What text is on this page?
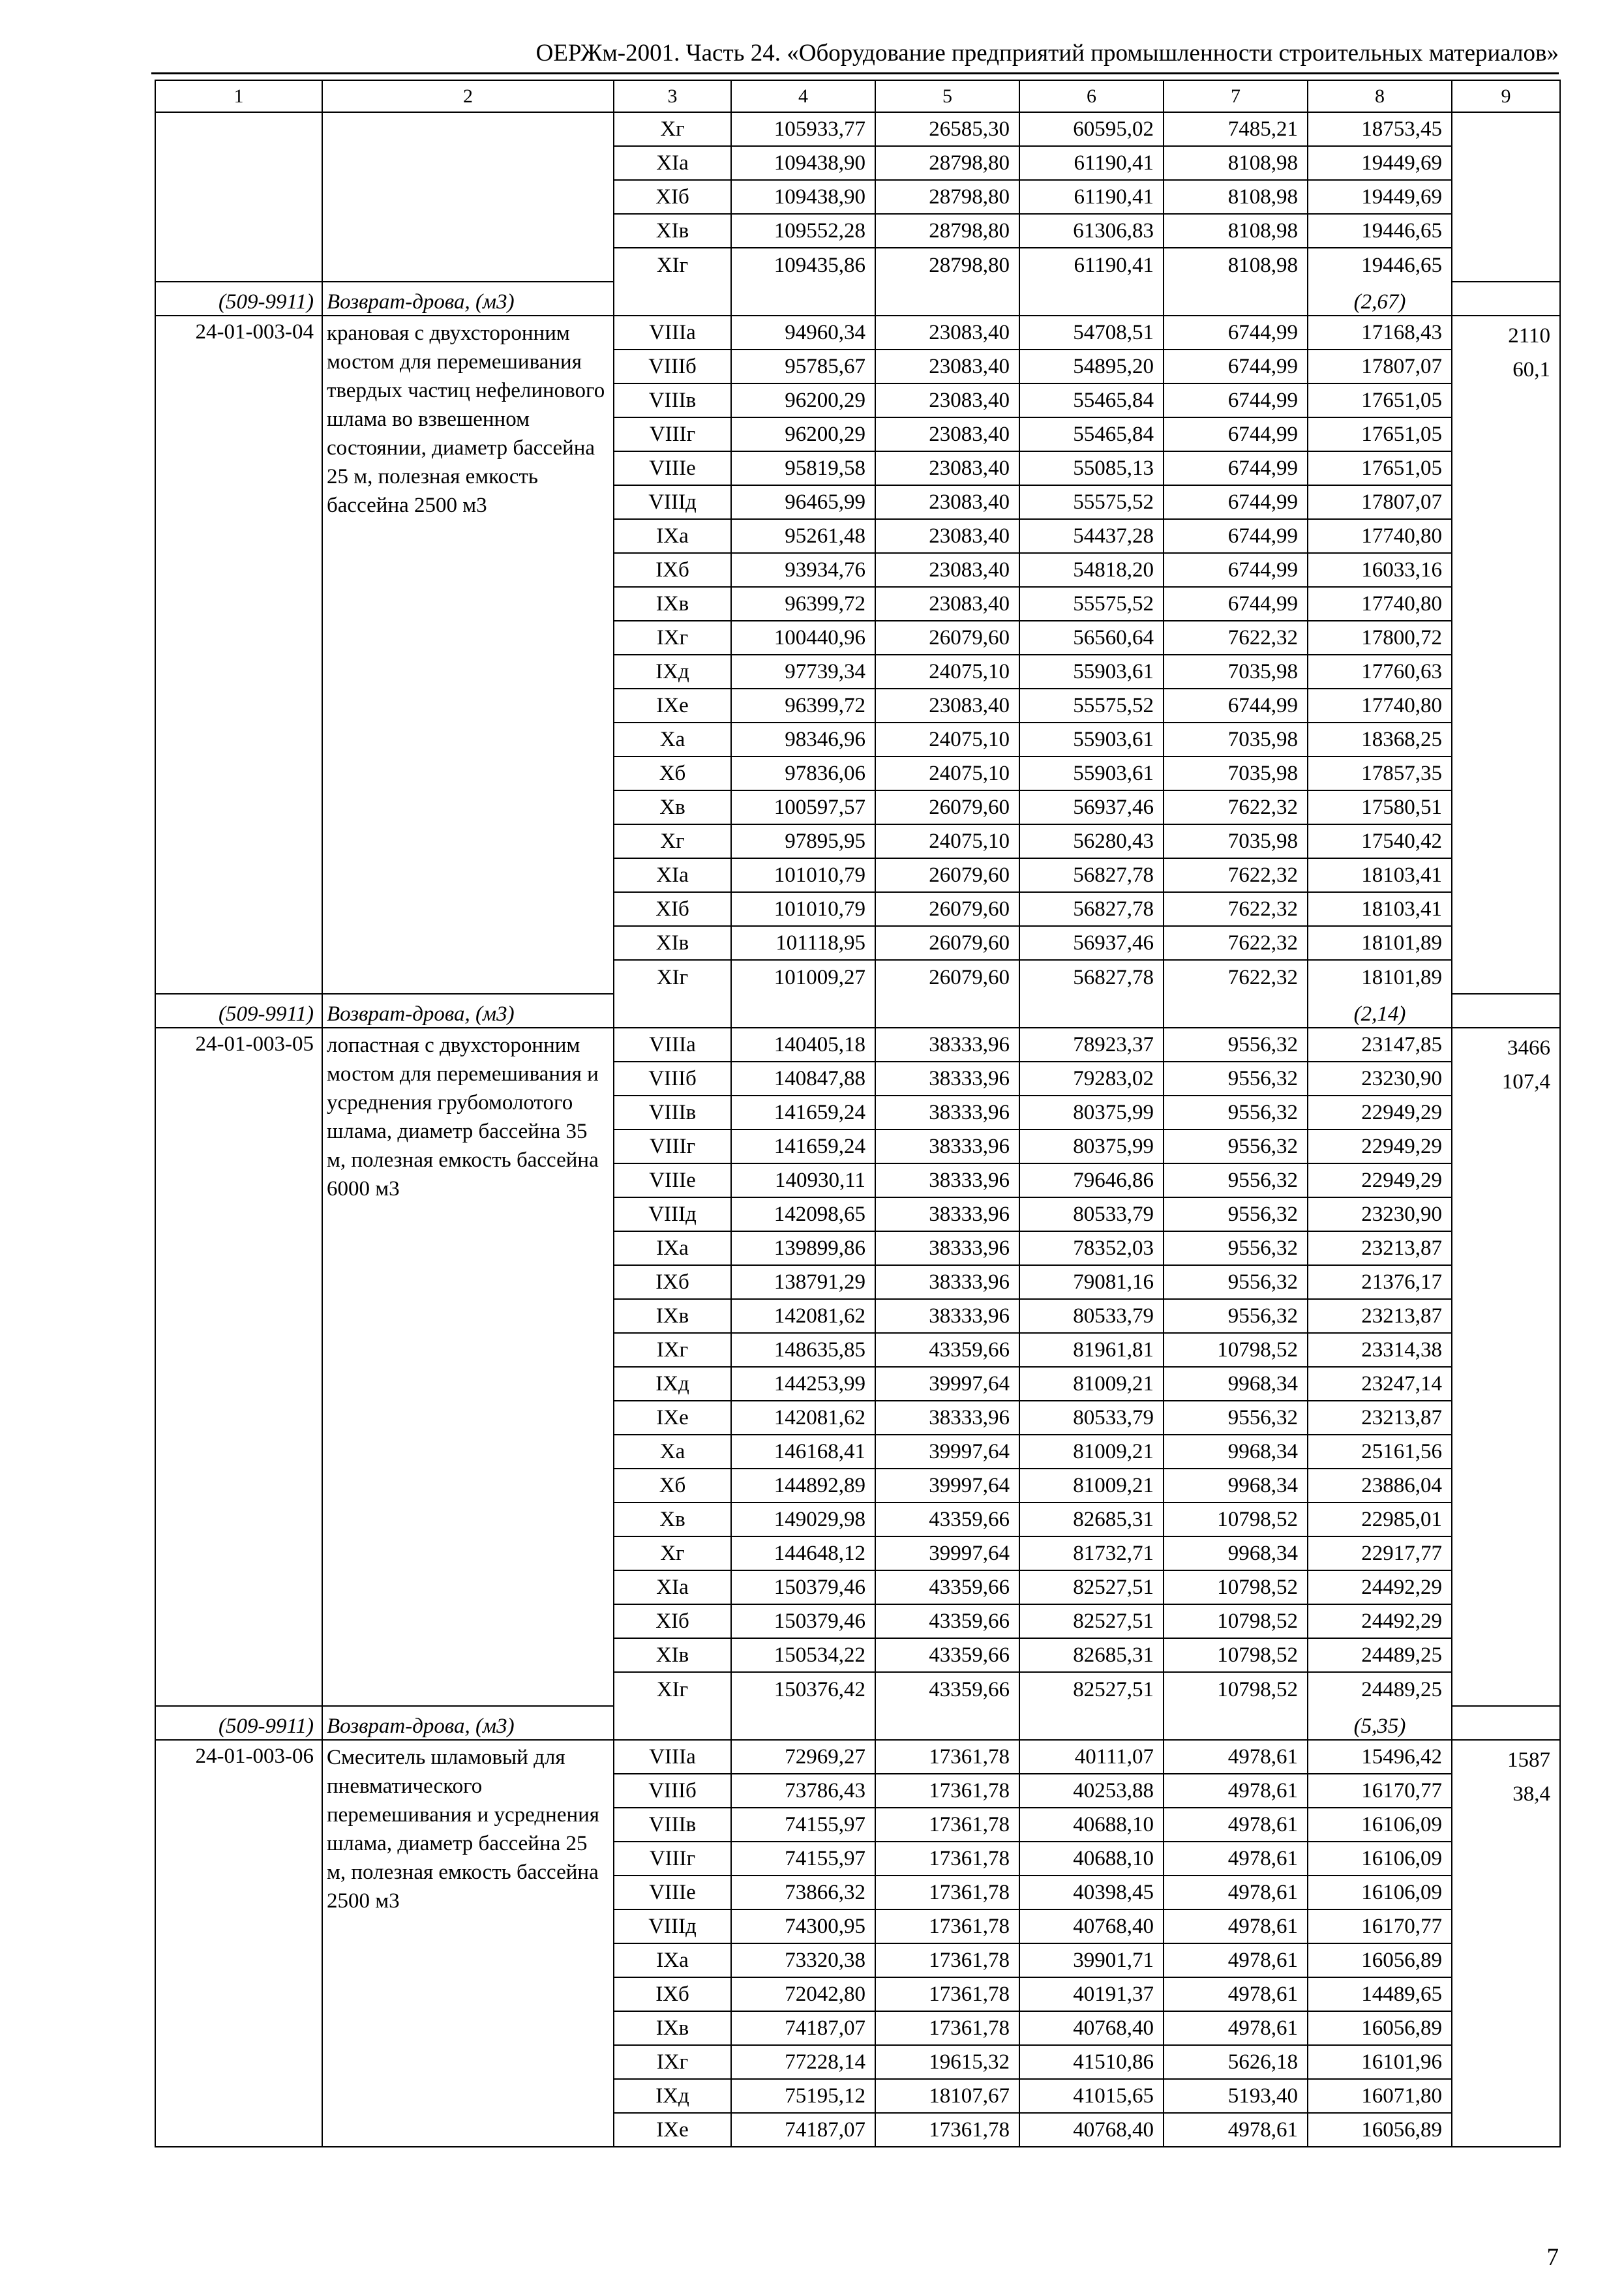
ОЕРЖм-2001. Часть 24. «Оборудование предприятий промышленности строительных материалов»
1	2	3	4	5	6	7	8	9
		Xг	105933,77	26585,30	60595,02	7485,21	18753,45	
		XIа	109438,90	28798,80	61190,41	8108,98	19449,69	
		XIб	109438,90	28798,80	61190,41	8108,98	19449,69	
		XIв	109552,28	28798,80	61306,83	8108,98	19446,65	
		XIг	109435,86	28798,80	61190,41	8108,98	19446,65	
(509-9911)	Возврат-дрова, (м3)						(2,67)	
24-01-003-04	крановая с двухсторонним мостом для перемешивания твердых частиц нефелинового шлама во взвешенном состоянии, диаметр бассейна 25 м, полезная емкость бассейна 2500 м3	VIIIа	94960,34	23083,40	54708,51	6744,99	17168,43	2110
60,1

		VIIIб	95785,67	23083,40	54895,20	6744,99	17807,07	
		VIIIв	96200,29	23083,40	55465,84	6744,99	17651,05	
		VIIIг	96200,29	23083,40	55465,84	6744,99	17651,05	
		VIIIе	95819,58	23083,40	55085,13	6744,99	17651,05	
		VIIIд	96465,99	23083,40	55575,52	6744,99	17807,07	
		IXа	95261,48	23083,40	54437,28	6744,99	17740,80	
		IXб	93934,76	23083,40	54818,20	6744,99	16033,16	
		IXв	96399,72	23083,40	55575,52	6744,99	17740,80	
		IXг	100440,96	26079,60	56560,64	7622,32	17800,72	
		IXд	97739,34	24075,10	55903,61	7035,98	17760,63	
		IXе	96399,72	23083,40	55575,52	6744,99	17740,80	
		Xа	98346,96	24075,10	55903,61	7035,98	18368,25	
		Xб	97836,06	24075,10	55903,61	7035,98	17857,35	
		Xв	100597,57	26079,60	56937,46	7622,32	17580,51	
		Xг	97895,95	24075,10	56280,43	7035,98	17540,42	
		XIа	101010,79	26079,60	56827,78	7622,32	18103,41	
		XIб	101010,79	26079,60	56827,78	7622,32	18103,41	
		XIв	101118,95	26079,60	56937,46	7622,32	18101,89	
		XIг	101009,27	26079,60	56827,78	7622,32	18101,89	
(509-9911)	Возврат-дрова, (м3)						(2,14)	
24-01-003-05	лопастная с двухсторонним мостом для перемешивания и усреднения грубомолотого шлама, диаметр бассейна 35 м, полезная емкость бассейна 6000 м3	VIIIа	140405,18	38333,96	78923,37	9556,32	23147,85	3466
107,4

		VIIIб	140847,88	38333,96	79283,02	9556,32	23230,90	
		VIIIв	141659,24	38333,96	80375,99	9556,32	22949,29	
		VIIIг	141659,24	38333,96	80375,99	9556,32	22949,29	
		VIIIе	140930,11	38333,96	79646,86	9556,32	22949,29	
		VIIIд	142098,65	38333,96	80533,79	9556,32	23230,90	
		IXа	139899,86	38333,96	78352,03	9556,32	23213,87	
		IXб	138791,29	38333,96	79081,16	9556,32	21376,17	
		IXв	142081,62	38333,96	80533,79	9556,32	23213,87	
		IXг	148635,85	43359,66	81961,81	10798,52	23314,38	
		IXд	144253,99	39997,64	81009,21	9968,34	23247,14	
		IXе	142081,62	38333,96	80533,79	9556,32	23213,87	
		Xа	146168,41	39997,64	81009,21	9968,34	25161,56	
		Xб	144892,89	39997,64	81009,21	9968,34	23886,04	
		Xв	149029,98	43359,66	82685,31	10798,52	22985,01	
		Xг	144648,12	39997,64	81732,71	9968,34	22917,77	
		XIа	150379,46	43359,66	82527,51	10798,52	24492,29	
		XIб	150379,46	43359,66	82527,51	10798,52	24492,29	
		XIв	150534,22	43359,66	82685,31	10798,52	24489,25	
		XIг	150376,42	43359,66	82527,51	10798,52	24489,25	
(509-9911)	Возврат-дрова, (м3)						(5,35)	
24-01-003-06	Смеситель шламовый для пневматического перемешивания и усреднения шлама, диаметр бассейна 25 м, полезная емкость бассейна 2500 м3	VIIIа	72969,27	17361,78	40111,07	4978,61	15496,42	1587
38,4

		VIIIб	73786,43	17361,78	40253,88	4978,61	16170,77	
		VIIIв	74155,97	17361,78	40688,10	4978,61	16106,09	
		VIIIг	74155,97	17361,78	40688,10	4978,61	16106,09	
		VIIIе	73866,32	17361,78	40398,45	4978,61	16106,09	
		VIIIд	74300,95	17361,78	40768,40	4978,61	16170,77	
		IXа	73320,38	17361,78	39901,71	4978,61	16056,89	
		IXб	72042,80	17361,78	40191,37	4978,61	14489,65	
		IXв	74187,07	17361,78	40768,40	4978,61	16056,89	
		IXг	77228,14	19615,32	41510,86	5626,18	16101,96	
		IXд	75195,12	18107,67	41015,65	5193,40	16071,80	
		IXе	74187,07	17361,78	40768,40	4978,61	16056,89	
7
